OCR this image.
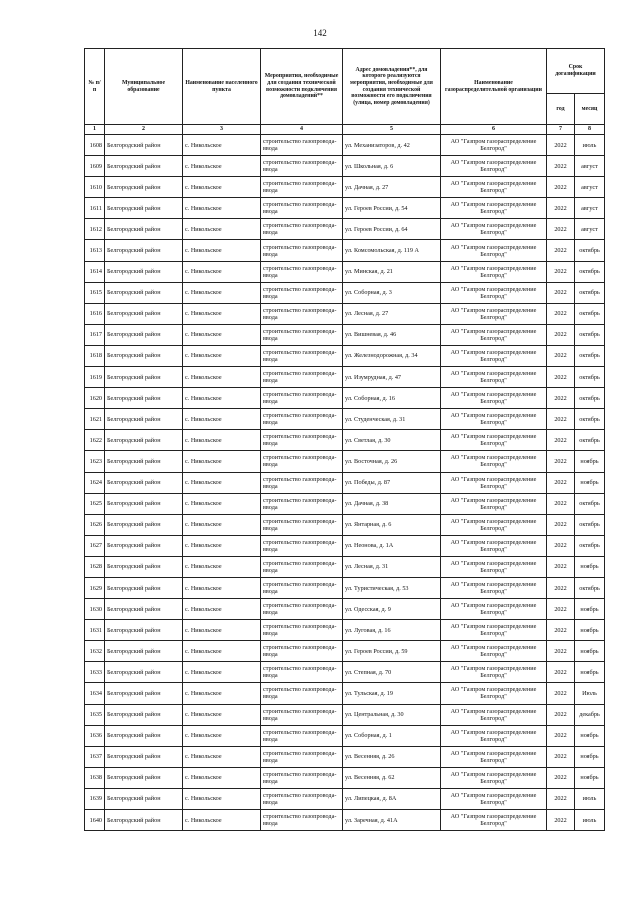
142
№ п/п	Муниципальное образование	Наименование населенного пункта	Мероприятия, необходимые для создания технической возможности подключения домовладений**	Адрес домовладения**, для которого реализуются мероприятия, необходимые для создания технической возможности его подключения (улица, номер домовладения)	Наименование газораспределительной организации	Срок догазификации	
						год	месяц
1	2	3	4	5	6	7	8
1608	Белгородский район	с. Никольское	строительство газопровода-ввода	ул. Механизаторов, д. 42	АО "Газпром газораспределение Белгород"	2022	июль
1609	Белгородский район	с. Никольское	строительство газопровода-ввода	ул. Школьная, д. 6	АО "Газпром газораспределение Белгород"	2022	август
1610	Белгородский район	с. Никольское	строительство газопровода-ввода	ул. Дачная, д. 27	АО "Газпром газораспределение Белгород"	2022	август
1611	Белгородский район	с. Никольское	строительство газопровода-ввода	ул. Героев России, д. 54	АО "Газпром газораспределение Белгород"	2022	август
1612	Белгородский район	с. Никольское	строительство газопровода-ввода	ул. Героев России, д. 64	АО "Газпром газораспределение Белгород"	2022	август
1613	Белгородский район	с. Никольское	строительство газопровода-ввода	ул. Комсомольская, д. 119 А	АО "Газпром газораспределение Белгород"	2022	октябрь
1614	Белгородский район	с. Никольское	строительство газопровода-ввода	ул. Минская, д. 21	АО "Газпром газораспределение Белгород"	2022	октябрь
1615	Белгородский район	с. Никольское	строительство газопровода-ввода	ул. Соборная, д. 3	АО "Газпром газораспределение Белгород"	2022	октябрь
1616	Белгородский район	с. Никольское	строительство газопровода-ввода	ул. Лесная, д. 27	АО "Газпром газораспределение Белгород"	2022	октябрь
1617	Белгородский район	с. Никольское	строительство газопровода-ввода	ул. Вишневая, д. 46	АО "Газпром газораспределение Белгород"	2022	октябрь
1618	Белгородский район	с. Никольское	строительство газопровода-ввода	ул. Железнодорожная, д. 34	АО "Газпром газораспределение Белгород"	2022	октябрь
1619	Белгородский район	с. Никольское	строительство газопровода-ввода	ул. Изумрудная, д. 47	АО "Газпром газораспределение Белгород"	2022	октябрь
1620	Белгородский район	с. Никольское	строительство газопровода-ввода	ул. Соборная, д. 16	АО "Газпром газораспределение Белгород"	2022	октябрь
1621	Белгородский район	с. Никольское	строительство газопровода-ввода	ул. Студенческая, д. 31	АО "Газпром газораспределение Белгород"	2022	октябрь
1622	Белгородский район	с. Никольское	строительство газопровода-ввода	ул. Светлая, д. 30	АО "Газпром газораспределение Белгород"	2022	октябрь
1623	Белгородский район	с. Никольское	строительство газопровода-ввода	ул. Восточная, д. 26	АО "Газпром газораспределение Белгород"	2022	ноябрь
1624	Белгородский район	с. Никольское	строительство газопровода-ввода	ул. Победы, д. 87	АО "Газпром газораспределение Белгород"	2022	ноябрь
1625	Белгородский район	с. Никольское	строительство газопровода-ввода	ул. Дачная, д. 38	АО "Газпром газораспределение Белгород"	2022	октябрь
1626	Белгородский район	с. Никольское	строительство газопровода-ввода	ул. Янтарная, д. 6	АО "Газпром газораспределение Белгород"	2022	октябрь
1627	Белгородский район	с. Никольское	строительство газопровода-ввода	ул. Неонова, д. 1А	АО "Газпром газораспределение Белгород"	2022	октябрь
1628	Белгородский район	с. Никольское	строительство газопровода-ввода	ул. Лесная, д. 31	АО "Газпром газораспределение Белгород"	2022	ноябрь
1629	Белгородский район	с. Никольское	строительство газопровода-ввода	ул. Туристическая, д. 53	АО "Газпром газораспределение Белгород"	2022	октябрь
1630	Белгородский район	с. Никольское	строительство газопровода-ввода	ул. Одесская, д. 9	АО "Газпром газораспределение Белгород"	2022	ноябрь
1631	Белгородский район	с. Никольское	строительство газопровода-ввода	ул. Луговая, д. 16	АО "Газпром газораспределение Белгород"	2022	ноябрь
1632	Белгородский район	с. Никольское	строительство газопровода-ввода	ул. Героев России, д. 59	АО "Газпром газораспределение Белгород"	2022	ноябрь
1633	Белгородский район	с. Никольское	строительство газопровода-ввода	ул. Степная, д. 70	АО "Газпром газораспределение Белгород"	2022	ноябрь
1634	Белгородский район	с. Никольское	строительство газопровода-ввода	ул. Тульская, д. 19	АО "Газпром газораспределение Белгород"	2022	Июль
1635	Белгородский район	с. Никольское	строительство газопровода-ввода	ул. Центральная, д. 30	АО "Газпром газораспределение Белгород"	2022	декабрь
1636	Белгородский район	с. Никольское	строительство газопровода-ввода	ул. Соборная, д. 1	АО "Газпром газораспределение Белгород"	2022	ноябрь
1637	Белгородский район	с. Никольское	строительство газопровода-ввода	ул. Весенняя, д. 26	АО "Газпром газораспределение Белгород"	2022	ноябрь
1638	Белгородский район	с. Никольское	строительство газопровода-ввода	ул. Весенняя, д. 62	АО "Газпром газораспределение Белгород"	2022	ноябрь
1639	Белгородский район	с. Никольское	строительство газопровода-ввода	ул. Липецкая, д. 8А	АО "Газпром газораспределение Белгород"	2022	июль
1640	Белгородский район	с. Никольское	строительство газопровода-ввода	ул. Заречная, д. 41А	АО "Газпром газораспределение Белгород"	2022	июль
